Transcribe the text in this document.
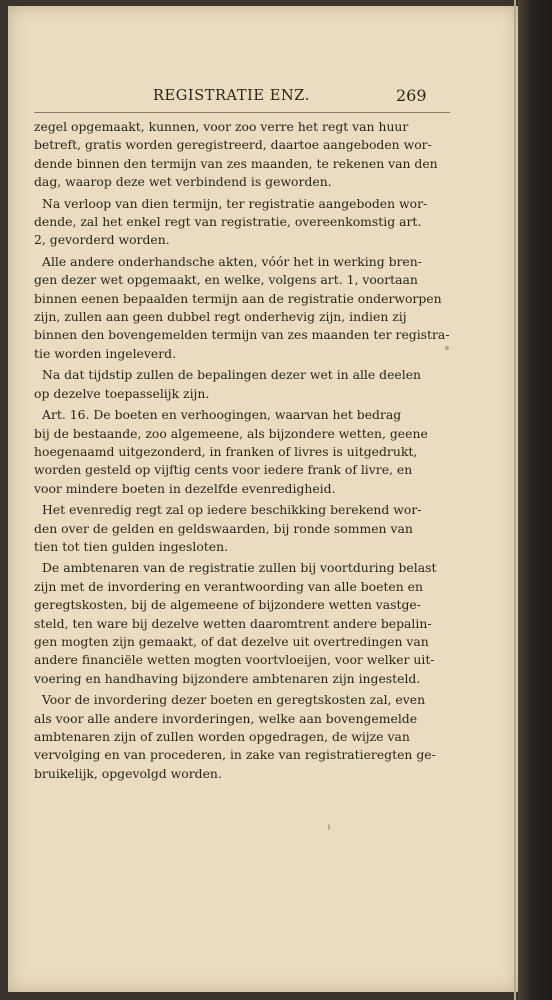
REGISTRATIE ENZ.	269

zegel opgemaakt, kunnen, voor zoo verre het regt van huur
betreft, gratis worden geregistreerd, daartoe aangeboden wor-
dende binnen den termijn van zes maanden, te rekenen van den
dag, waarop deze wet verbindend is geworden.

Na verloop van dien termijn, ter registratie aangeboden wor-
dende, zal het enkel regt van registratie, overeenkomstig art.
2, gevorderd worden.

Alle andere onderhandsche akten, vóór het in werking bren-
gen dezer wet opgemaakt, en welke, volgens art. 1, voortaan
binnen eenen bepaalden termijn aan de registratie onderworpen
zijn, zullen aan geen dubbel regt onderhevig zijn, indien zij
binnen den bovengemelden termijn van zes maanden ter registra-
tie worden ingeleverd.

Na dat tijdstip zullen de bepalingen dezer wet in alle deelen
op dezelve toepasselijk zijn.

Art. 16. De boeten en verhoogingen, waarvan het bedrag
bij de bestaande, zoo algemeene, als bijzondere wetten, geene
hoegenaamd uitgezonderd, in franken of livres is uitgedrukt,
worden gesteld op vijftig cents voor iedere frank of livre, en
voor mindere boeten in dezelfde evenredigheid.

Het evenredig regt zal op iedere beschikking berekend wor-
den over de gelden en geldswaarden, bij ronde sommen van
tien tot tien gulden ingesloten.

De ambtenaren van de registratie zullen bij voortduring belast
zijn met de invordering en verantwoording van alle boeten en
geregtskosten, bij de algemeene of bijzondere wetten vastge-
steld, ten ware bij dezelve wetten daaromtrent andere bepalin-
gen mogten zijn gemaakt, of dat dezelve uit overtredingen van
andere financiële wetten mogten voortvloeijen, voor welker uit-
voering en handhaving bijzondere ambtenaren zijn ingesteld.

Voor de invordering dezer boeten en geregtskosten zal, even
als voor alle andere invorderingen, welke aan bovengemelde
ambtenaren zijn of zullen worden opgedragen, de wijze van
vervolging en van procederen, in zake van registratieregten ge-
bruikelijk, opgevolgd worden.
